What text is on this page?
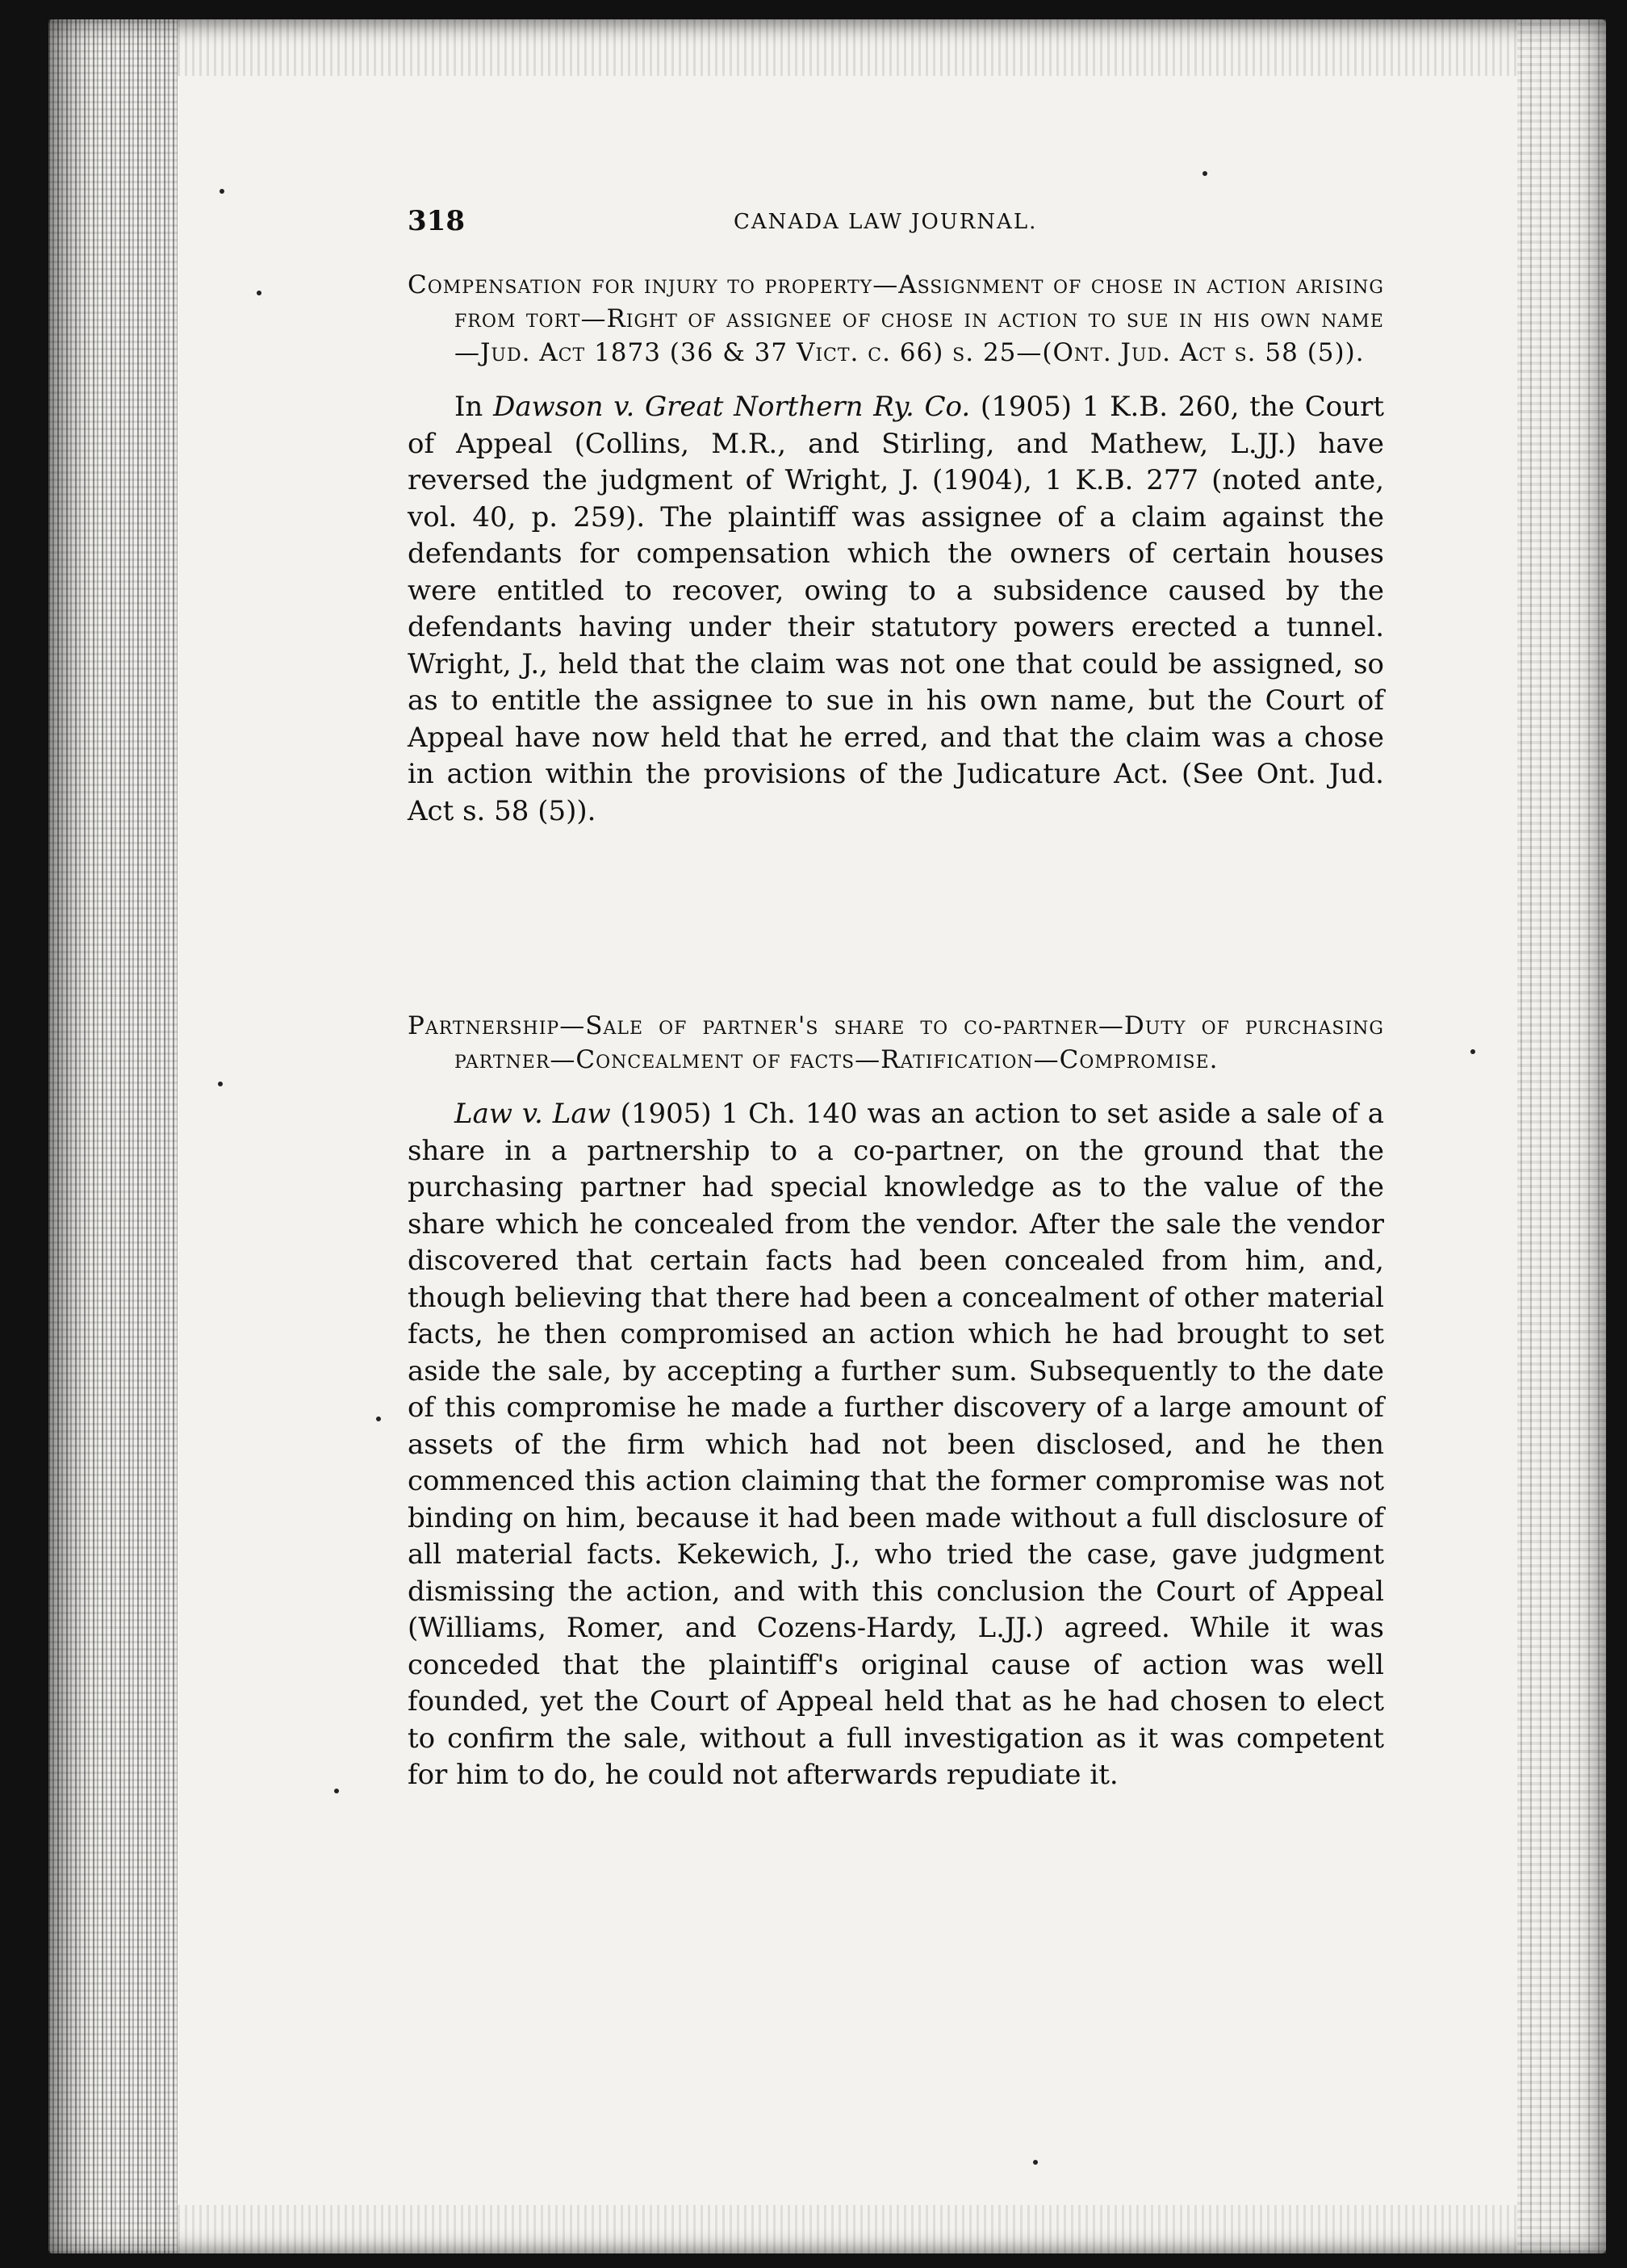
318	CANADA LAW JOURNAL.

Compensation for injury to property—Assignment of chose in action arising from tort—Right of assignee of chose in action to sue in his own name—Jud. Act 1873 (36 & 37 Vict. c. 66) s. 25—(Ont. Jud. Act s. 58 (5)).

In Dawson v. Great Northern Ry. Co. (1905) 1 K.B. 260, the Court of Appeal (Collins, M.R., and Stirling, and Mathew, L.JJ.) have reversed the judgment of Wright, J. (1904), 1 K.B. 277 (noted ante, vol. 40, p. 259). The plaintiff was assignee of a claim against the defendants for compensation which the owners of certain houses were entitled to recover, owing to a subsidence caused by the defendants having under their statutory powers erected a tunnel. Wright, J., held that the claim was not one that could be assigned, so as to entitle the assignee to sue in his own name, but the Court of Appeal have now held that he erred, and that the claim was a chose in action within the provisions of the Judicature Act. (See Ont. Jud. Act s. 58 (5)).

Partnership—Sale of partner's share to co-partner—Duty of purchasing partner—Concealment of facts—Ratification—Compromise.

Law v. Law (1905) 1 Ch. 140 was an action to set aside a sale of a share in a partnership to a co-partner, on the ground that the purchasing partner had special knowledge as to the value of the share which he concealed from the vendor. After the sale the vendor discovered that certain facts had been concealed from him, and, though believing that there had been a concealment of other material facts, he then compromised an action which he had brought to set aside the sale, by accepting a further sum. Subsequently to the date of this compromise he made a further discovery of a large amount of assets of the firm which had not been disclosed, and he then commenced this action claiming that the former compromise was not binding on him, because it had been made without a full disclosure of all material facts. Kekewich, J., who tried the case, gave judgment dismissing the action, and with this conclusion the Court of Appeal (Williams, Romer, and Cozens-Hardy, L.JJ.) agreed. While it was conceded that the plaintiff's original cause of action was well founded, yet the Court of Appeal held that as he had chosen to elect to confirm the sale, without a full investigation as it was competent for him to do, he could not afterwards repudiate it.
